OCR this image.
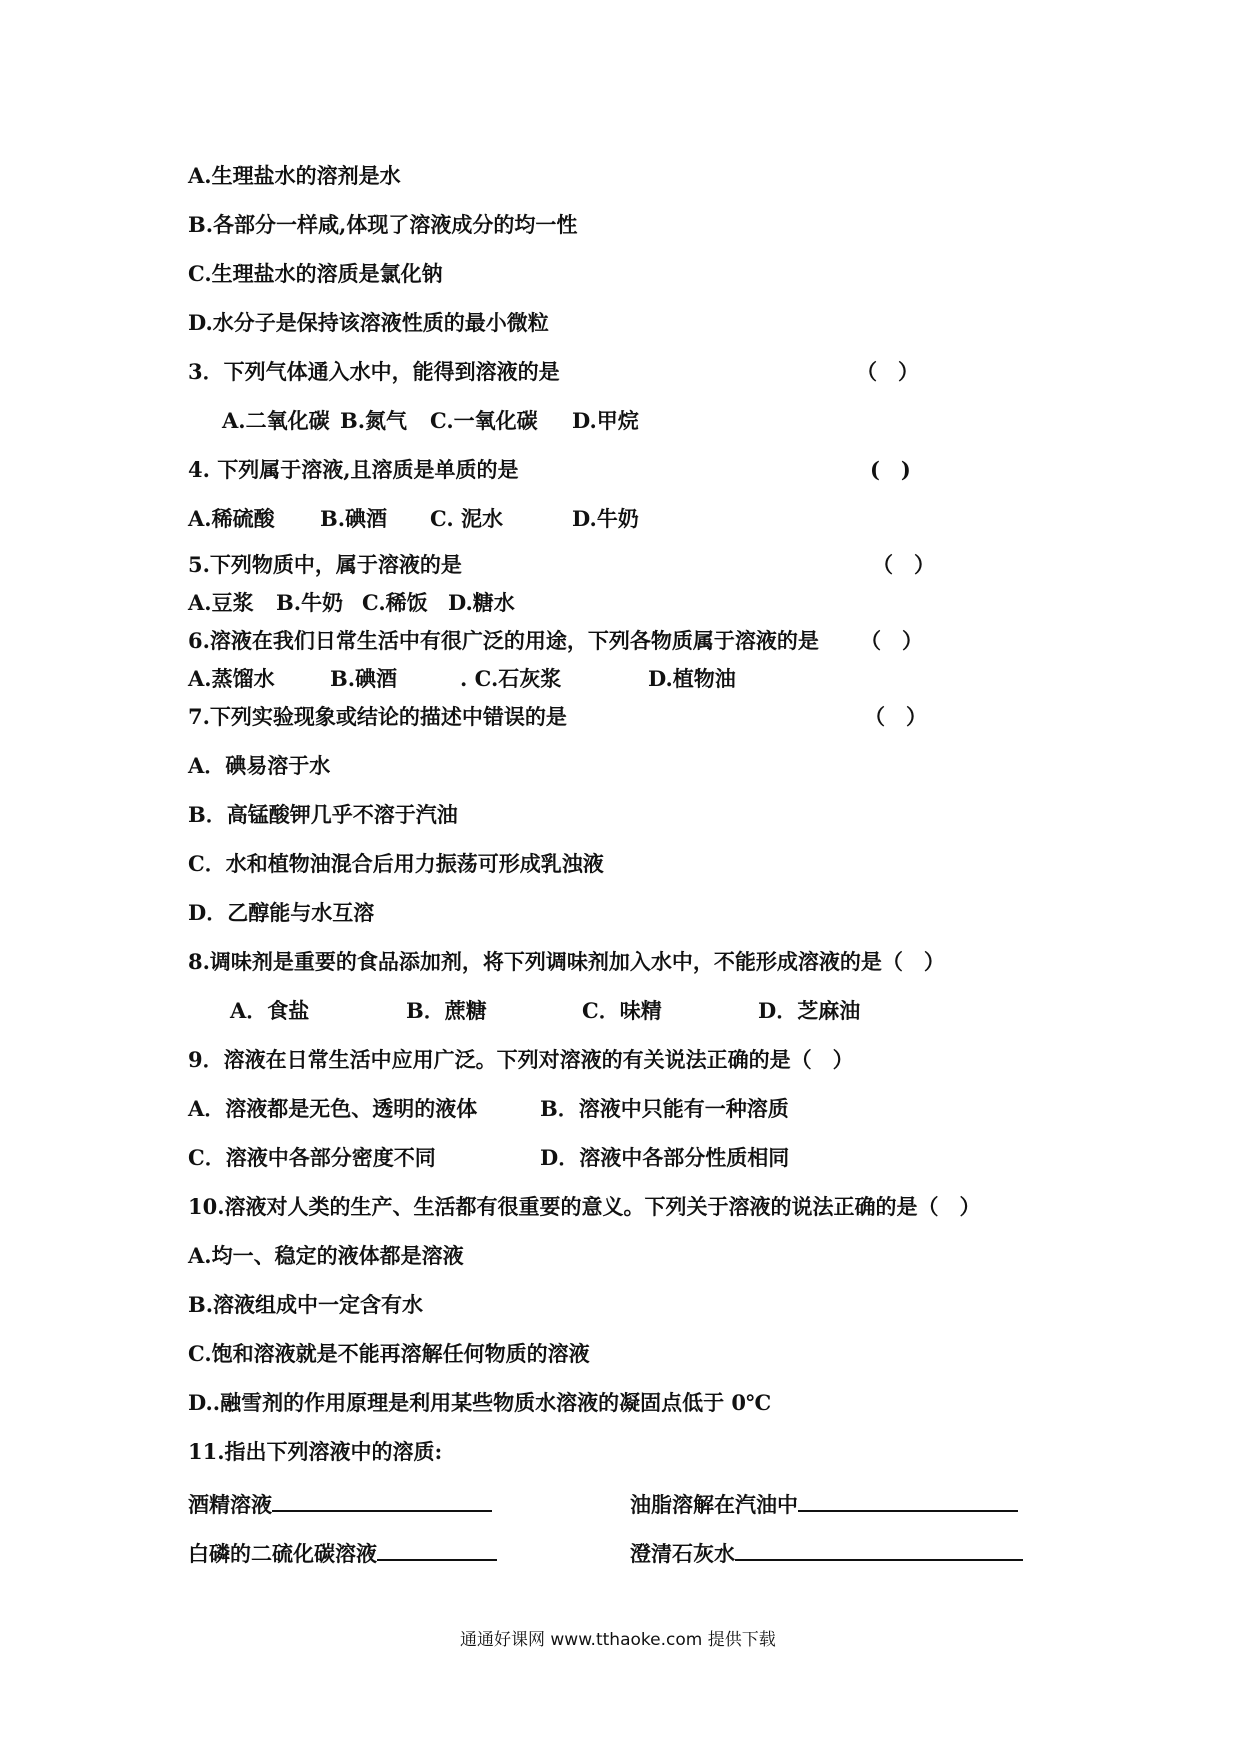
A.生理盐水的溶剂是水
B.各部分一样咸,体现了溶液成分的均一性
C.生理盐水的溶质是氯化钠
D.水分子是保持该溶液性质的最小微粒
3．下列气体通入水中，能得到溶液的是	（　）
A.二氧化碳 B.氮气 C.一氧化碳 D.甲烷
4. 下列属于溶液,且溶质是单质的是	(　)
A.稀硫酸 B.碘酒 C. 泥水	D.牛奶
5.下列物质中，属于溶液的是	（　）
A.豆浆 B.牛奶 C.稀饭 D.糖水
6.溶液在我们日常生活中有很广泛的用途，下列各物质属于溶液的是 （　）
A.蒸馏水	B.碘酒	. C.石灰浆	D.植物油
7.下列实验现象或结论的描述中错误的是	（　）
A．碘易溶于水
B．高锰酸钾几乎不溶于汽油
C．水和植物油混合后用力振荡可形成乳浊液
D．乙醇能与水互溶
8.调味剂是重要的食品添加剂，将下列调味剂加入水中，不能形成溶液的是（　）
A．食盐	B．蔗糖	C．味精	D．芝麻油
9．溶液在日常生活中应用广泛。下列对溶液的有关说法正确的是（　）
A．溶液都是无色、透明的液体	B．溶液中只能有一种溶质
C．溶液中各部分密度不同	D．溶液中各部分性质相同
10.溶液对人类的生产、生活都有很重要的意义。下列关于溶液的说法正确的是（　）
A.均一、稳定的液体都是溶液
B.溶液组成中一定含有水
C.饱和溶液就是不能再溶解任何物质的溶液
D..融雪剂的作用原理是利用某些物质水溶液的凝固点低于 0℃
11.指出下列溶液中的溶质:
酒精溶液	油脂溶解在汽油中
白磷的二硫化碳溶液	澄清石灰水
通通好课网 www.tthaoke.com 提供下载
